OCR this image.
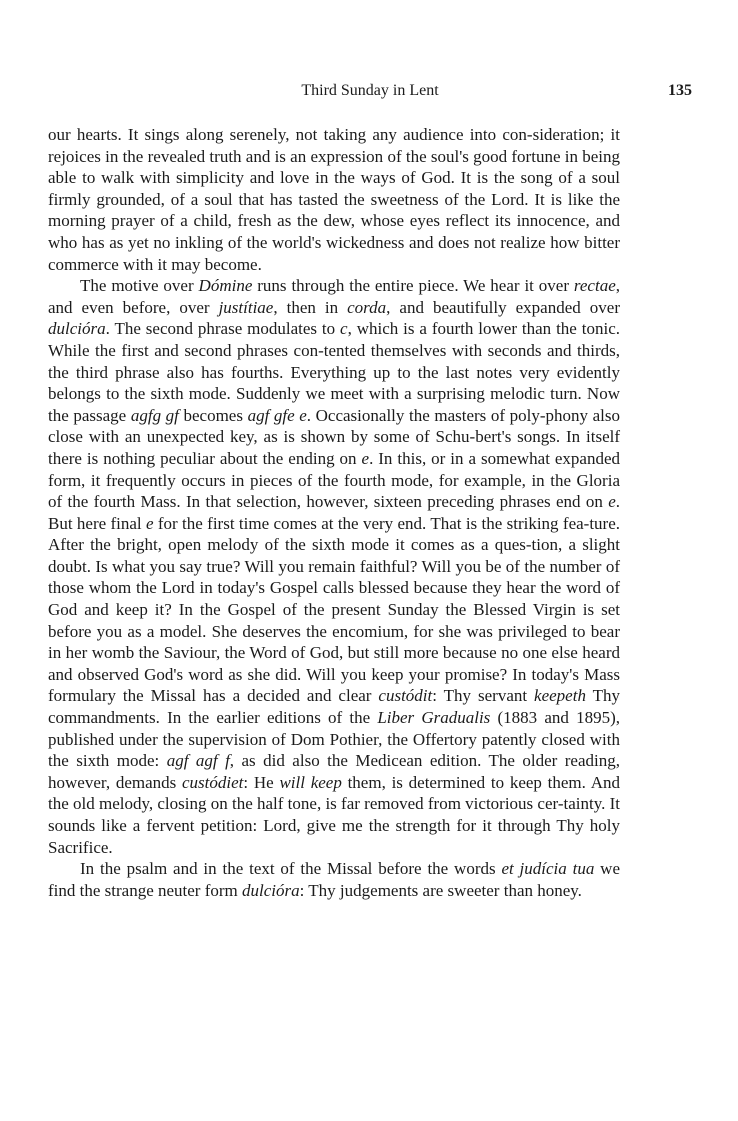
Third Sunday in Lent	135

our hearts. It sings along serenely, not taking any audience into con-sideration; it rejoices in the revealed truth and is an expression of the soul's good fortune in being able to walk with simplicity and love in the ways of God. It is the song of a soul firmly grounded, of a soul that has tasted the sweetness of the Lord. It is like the morning prayer of a child, fresh as the dew, whose eyes reflect its innocence, and who has as yet no inkling of the world's wickedness and does not realize how bitter commerce with it may become.

The motive over Dómine runs through the entire piece. We hear it over rectae, and even before, over justítiae, then in corda, and beautifully expanded over dulcióra. The second phrase modulates to c, which is a fourth lower than the tonic. While the first and second phrases con-tented themselves with seconds and thirds, the third phrase also has fourths. Everything up to the last notes very evidently belongs to the sixth mode. Suddenly we meet with a surprising melodic turn. Now the passage agfg gf becomes agf gfe e. Occasionally the masters of poly-phony also close with an unexpected key, as is shown by some of Schu-bert's songs. In itself there is nothing peculiar about the ending on e. In this, or in a somewhat expanded form, it frequently occurs in pieces of the fourth mode, for example, in the Gloria of the fourth Mass. In that selection, however, sixteen preceding phrases end on e. But here final e for the first time comes at the very end. That is the striking fea-ture. After the bright, open melody of the sixth mode it comes as a ques-tion, a slight doubt. Is what you say true? Will you remain faithful? Will you be of the number of those whom the Lord in today's Gospel calls blessed because they hear the word of God and keep it? In the Gospel of the present Sunday the Blessed Virgin is set before you as a model. She deserves the encomium, for she was privileged to bear in her womb the Saviour, the Word of God, but still more because no one else heard and observed God's word as she did. Will you keep your promise? In today's Mass formulary the Missal has a decided and clear custódit: Thy servant keepeth Thy commandments. In the earlier editions of the Liber Gradualis (1883 and 1895), published under the supervision of Dom Pothier, the Offertory patently closed with the sixth mode: agf agf f, as did also the Medicean edition. The older reading, however, demands custódiet: He will keep them, is determined to keep them. And the old melody, closing on the half tone, is far removed from victorious cer-tainty. It sounds like a fervent petition: Lord, give me the strength for it through Thy holy Sacrifice.

In the psalm and in the text of the Missal before the words et judícia tua we find the strange neuter form dulcióra: Thy judgements are sweeter than honey.
